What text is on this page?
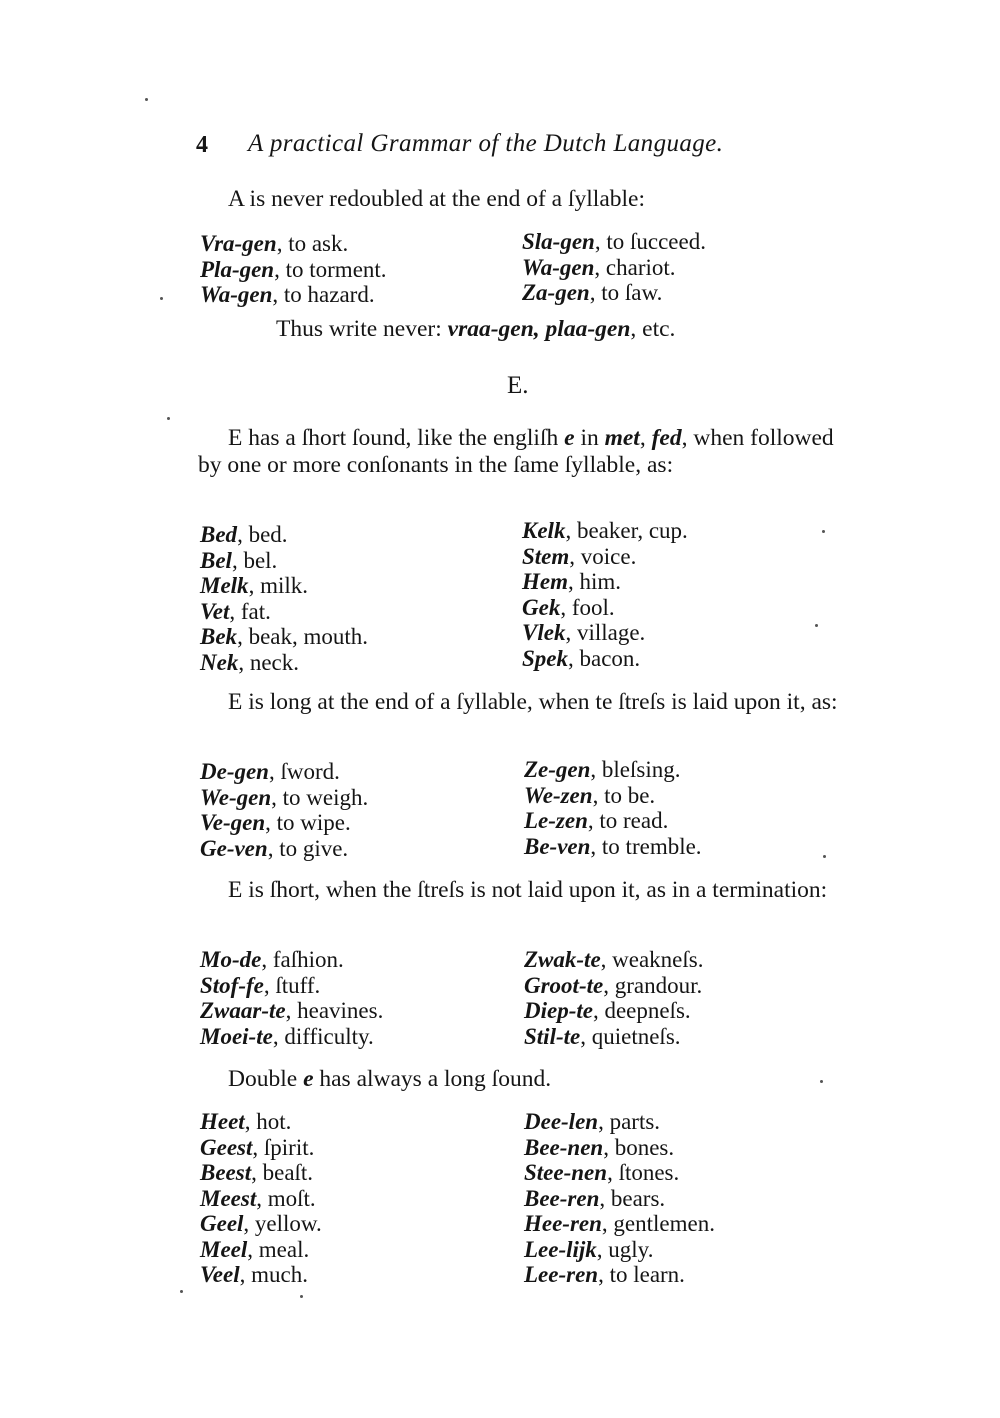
4 A practical Grammar of the Dutch Language.

A is never redoubled at the end of a ſyllable:

Vra-gen, to ask.
Pla-gen, to torment.
Wa-gen, to hazard.
Sla-gen, to ſucceed.
Wa-gen, chariot.
Za-gen, to ſaw.

Thus write never: vraa-gen, plaa-gen, etc.

E.

E has a ſhort ſound, like the engliſh e in met, fed, when followed by one or more conſonants in the ſame ſyllable, as:

Bed, bed.
Bel, bel.
Melk, milk.
Vet, fat.
Bek, beak, mouth.
Nek, neck.
Kelk, beaker, cup.
Stem, voice.
Hem, him.
Gek, fool.
Vlek, village.
Spek, bacon.

E is long at the end of a ſyllable, when te ſtreſs is laid upon it, as:

De-gen, ſword.
We-gen, to weigh.
Ve-gen, to wipe.
Ge-ven, to give.
Ze-gen, bleſsing.
We-zen, to be.
Le-zen, to read.
Be-ven, to tremble.

E is ſhort, when the ſtreſs is not laid upon it, as in a termination:

Mo-de, faſhion.
Stof-fe, ſtuff.
Zwaar-te, heavines.
Moei-te, difficulty.
Zwak-te, weakneſs.
Groot-te, grandour.
Diep-te, deepneſs.
Stil-te, quietneſs.

Double e has always a long ſound.

Heet, hot.
Geest, ſpirit.
Beest, beaſt.
Meest, moſt.
Geel, yellow.
Meel, meal.
Veel, much.
Dee-len, parts.
Bee-nen, bones.
Stee-nen, ſtones.
Bee-ren, bears.
Hee-ren, gentlemen.
Lee-lijk, ugly.
Lee-ren, to learn.
